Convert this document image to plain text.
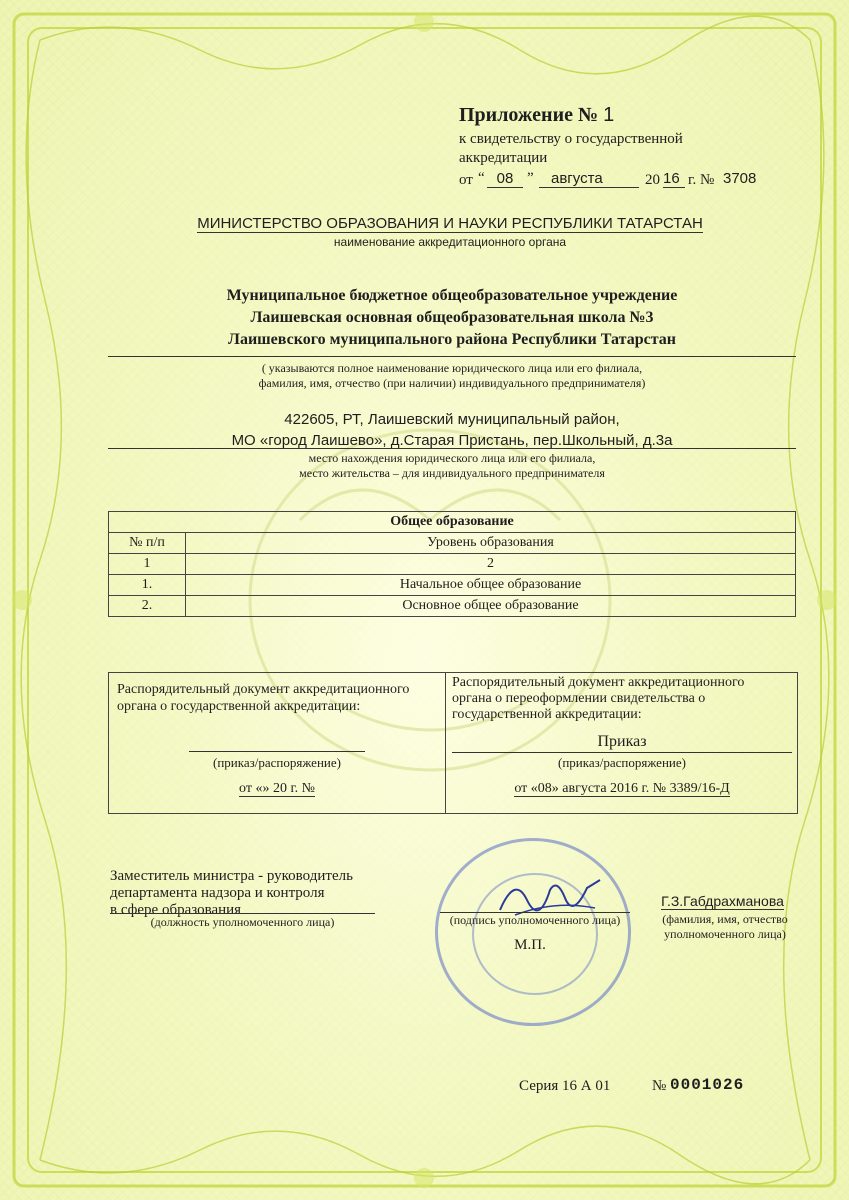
Приложение № 1
к свидетельству о государственной
аккредитации
от “ 08 ”	августа	20 16 г. № 3708
МИНИСТЕРСТВО ОБРАЗОВАНИЯ И НАУКИ РЕСПУБЛИКИ ТАТАРСТАН
наименование аккредитационного органа
Муниципальное бюджетное общеобразовательное учреждение
Лаишевская основная общеобразовательная школа №3
Лаишевского муниципального района Республики Татарстан
( указываются полное наименование юридического лица или его филиала,
фамилия, имя, отчество (при наличии) индивидуального предпринимателя)
422605, РТ, Лаишевский муниципальный район,
МО «город Лаишево», д.Старая Пристань, пер.Школьный, д.3а
место нахождения юридического лица или его филиала,
место жительства – для индивидуального предпринимателя
Общее образование	
№ п/п	Уровень образования
1	2
1.	Начальное общее образование
2.	Основное общее образование
Распорядительный документ аккредитационного
органа о государственной аккредитации:
(приказ/распоряжение)
от «» 20 г. №
Распорядительный документ аккредитационного
органа о переоформлении свидетельства о
государственной аккредитации:
Приказ
(приказ/распоряжение)
от «08» августа 2016 г. № 3389/16-Д
Заместитель министра - руководитель
департамента надзора и контроля
в сфере образования
(должность уполномоченного лица)	(подпись уполномоченного лица)
М.П.
Г.З.Габдрахманова
(фамилия, имя, отчество
уполномоченного лица)
Серия 16 А 01	№ 0001026
